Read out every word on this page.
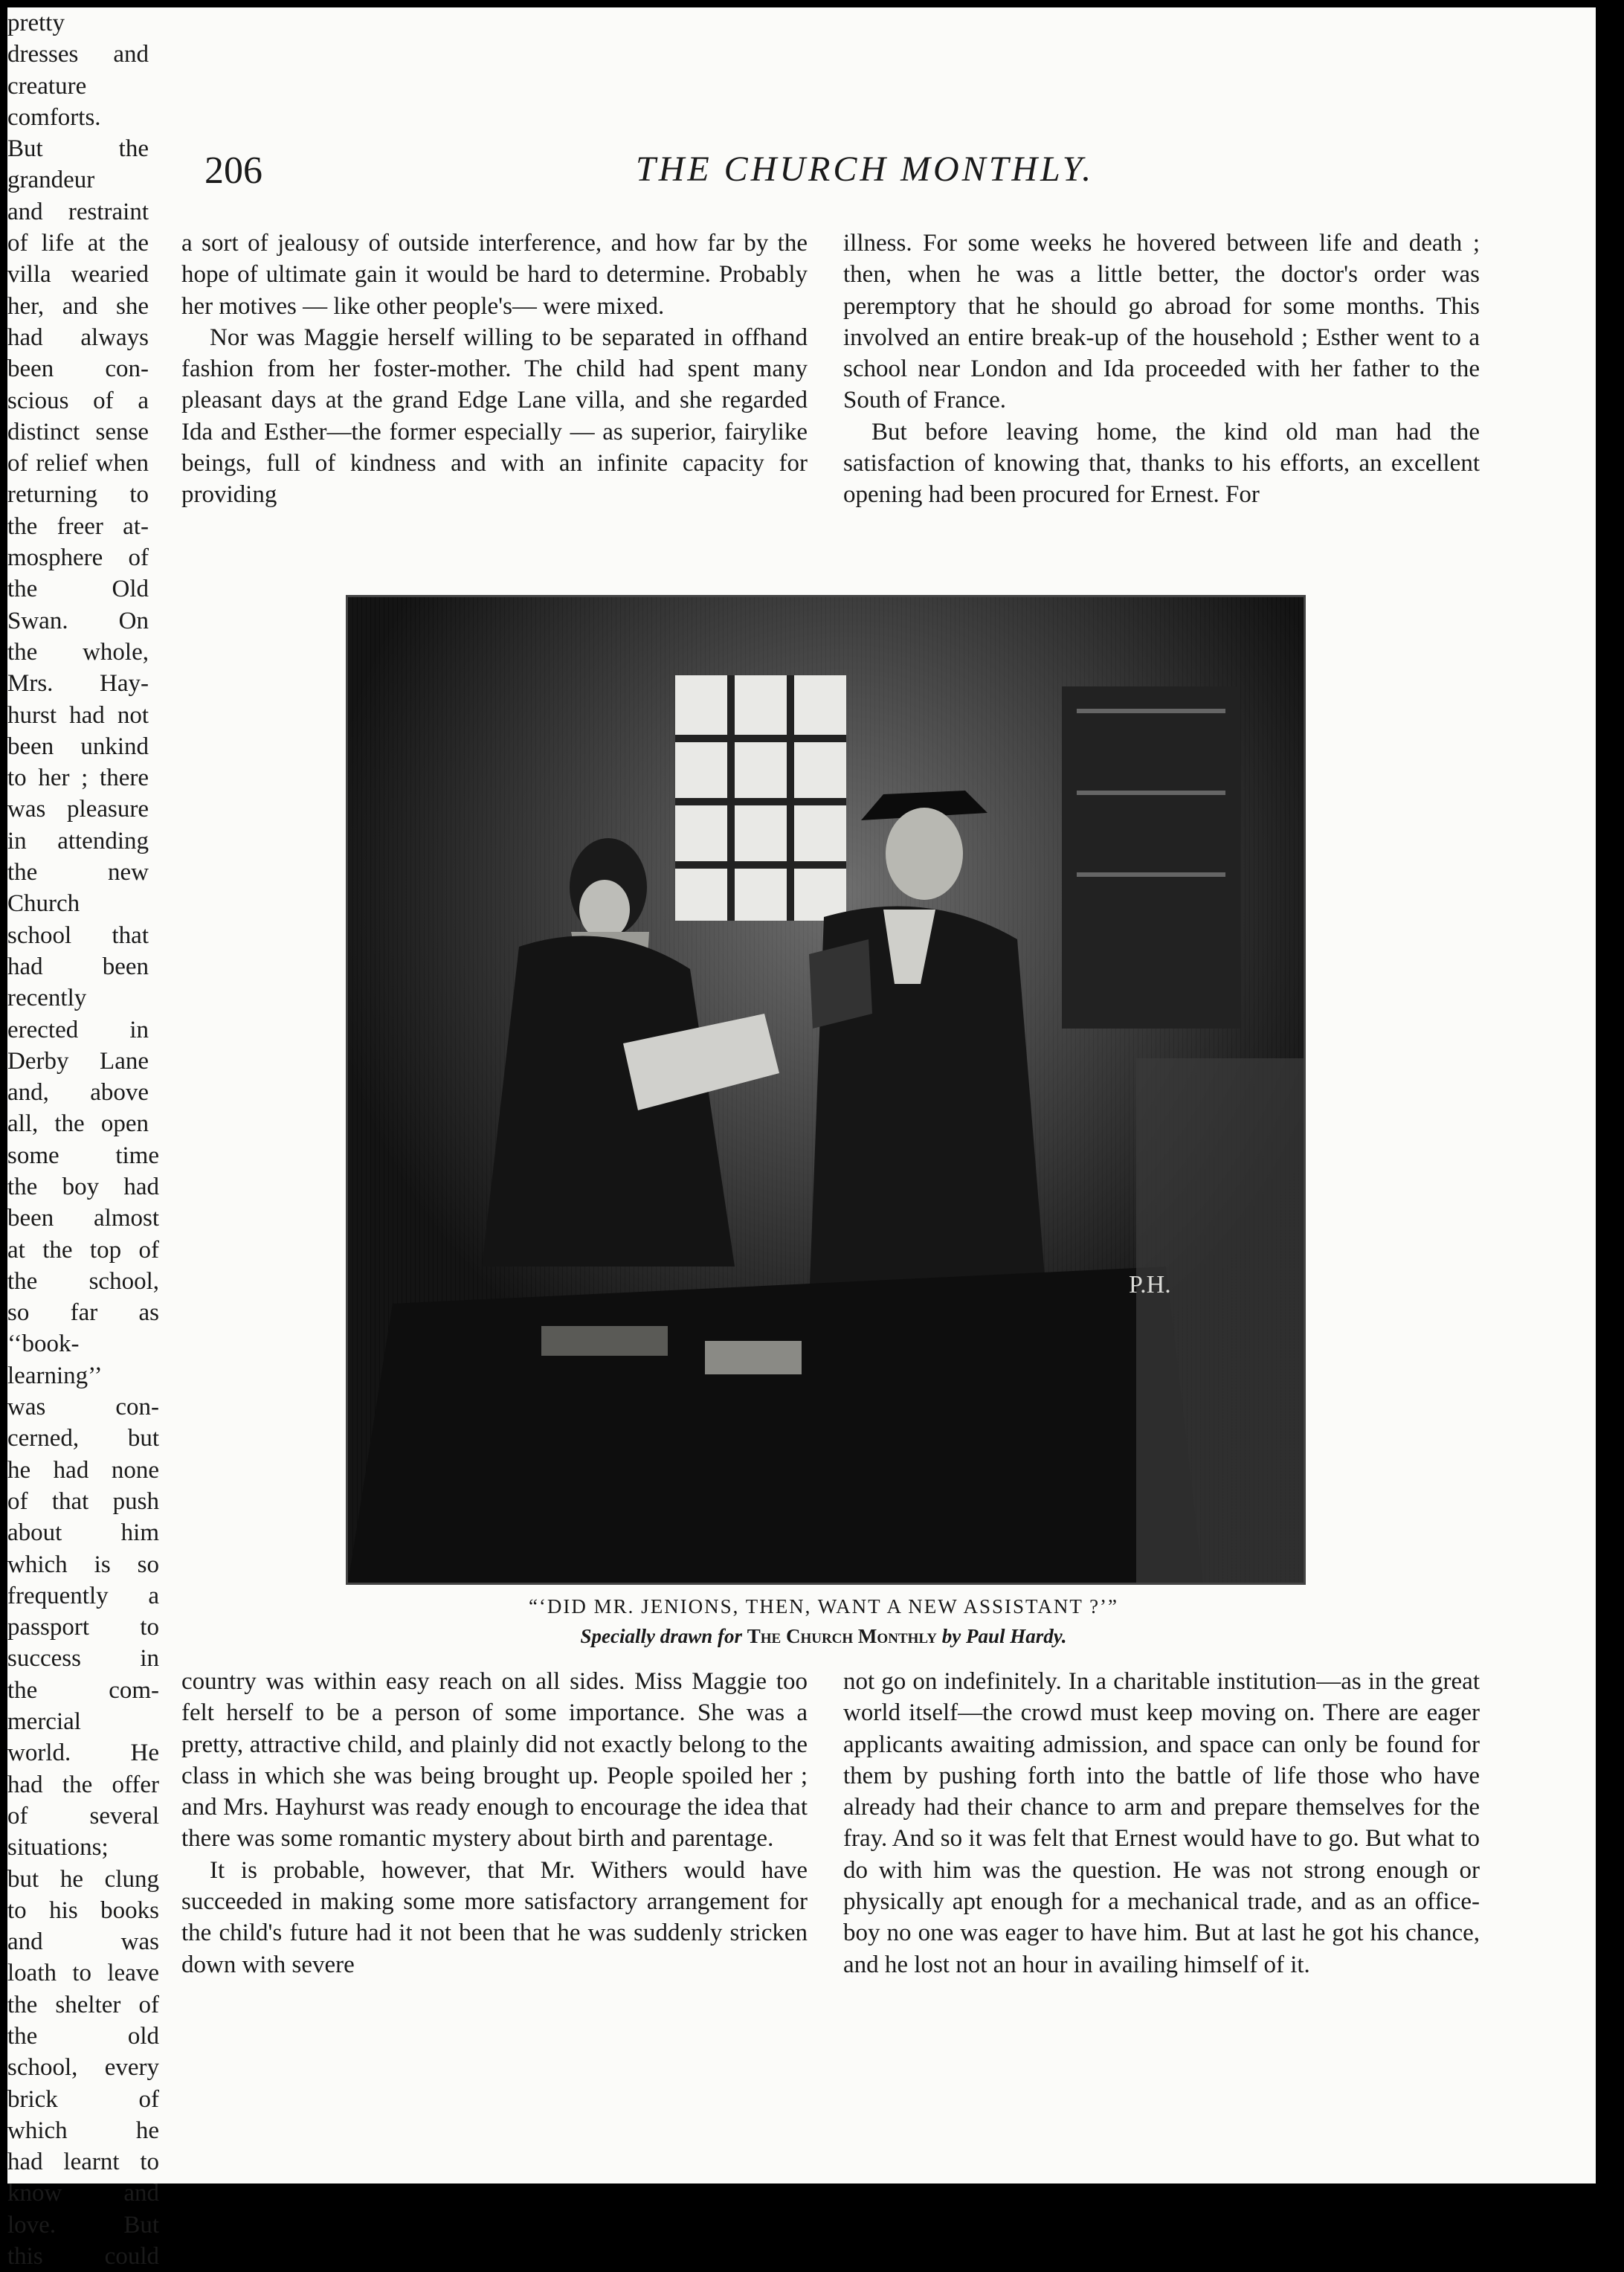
206	THE CHURCH MONTHLY.

a sort of jealousy of outside interference, and how far by the hope of ultimate gain it would be hard to determine. Probably her motives — like other people's— were mixed.

Nor was Maggie herself willing to be separated in offhand fashion from her foster-mother. The child had spent many pleasant days at the grand Edge Lane villa, and she regarded Ida and Esther—the former especially — as superior, fairylike beings, full of kindness and with an infinite capacity for providing

illness. For some weeks he hovered between life and death ; then, when he was a little better, the doctor's order was peremptory that he should go abroad for some months. This involved an entire break-up of the household ; Esther went to a school near London and Ida proceeded with her father to the South of France.

But before leaving home, the kind old man had the satisfaction of knowing that, thanks to his efforts, an excellent opening had been procured for Ernest. For

pretty
dresses and
creature
comforts.
But the
grandeur
and restraint
of life at the
villa wearied
her, and she
had always
been con-
scious of a
distinct sense
of relief when
returning to
the freer at-
mosphere of
the Old
Swan. On
the whole,
Mrs. Hay-
hurst had not
been unkind
to her ; there
was pleasure
in attending
the new
Church
school that
had been
recently
erected in
Derby Lane
and, above
all, the open
some time
the boy had
been almost
at the top of
the school,
so far as
‘‘book-
learning’’
was con-
cerned, but
he had none
of that push
about him
which is so
frequently a
passport to
success in
the com-
mercial
world. He
had the offer
of several
situations;
but he clung
to his books
and was
loath to leave
the shelter of
the old
school, every
brick of
which he
had learnt to
know and
love. But
this could
P.H.
“‘DID MR. JENIONS, THEN, WANT A NEW ASSISTANT ?’”
Specially drawn for The Church Monthly by Paul Hardy.

country was within easy reach on all sides. Miss Maggie too felt herself to be a person of some importance. She was a pretty, attractive child, and plainly did not exactly belong to the class in which she was being brought up. People spoiled her ; and Mrs. Hayhurst was ready enough to encourage the idea that there was some romantic mystery about birth and parentage.

It is probable, however, that Mr. Withers would have succeeded in making some more satisfactory arrangement for the child's future had it not been that he was suddenly stricken down with severe

not go on indefinitely. In a charitable institution—as in the great world itself—the crowd must keep moving on. There are eager applicants awaiting admission, and space can only be found for them by pushing forth into the battle of life those who have already had their chance to arm and prepare themselves for the fray. And so it was felt that Ernest would have to go. But what to do with him was the question. He was not strong enough or physically apt enough for a mechanical trade, and as an office-boy no one was eager to have him. But at last he got his chance, and he lost not an hour in availing himself of it.
